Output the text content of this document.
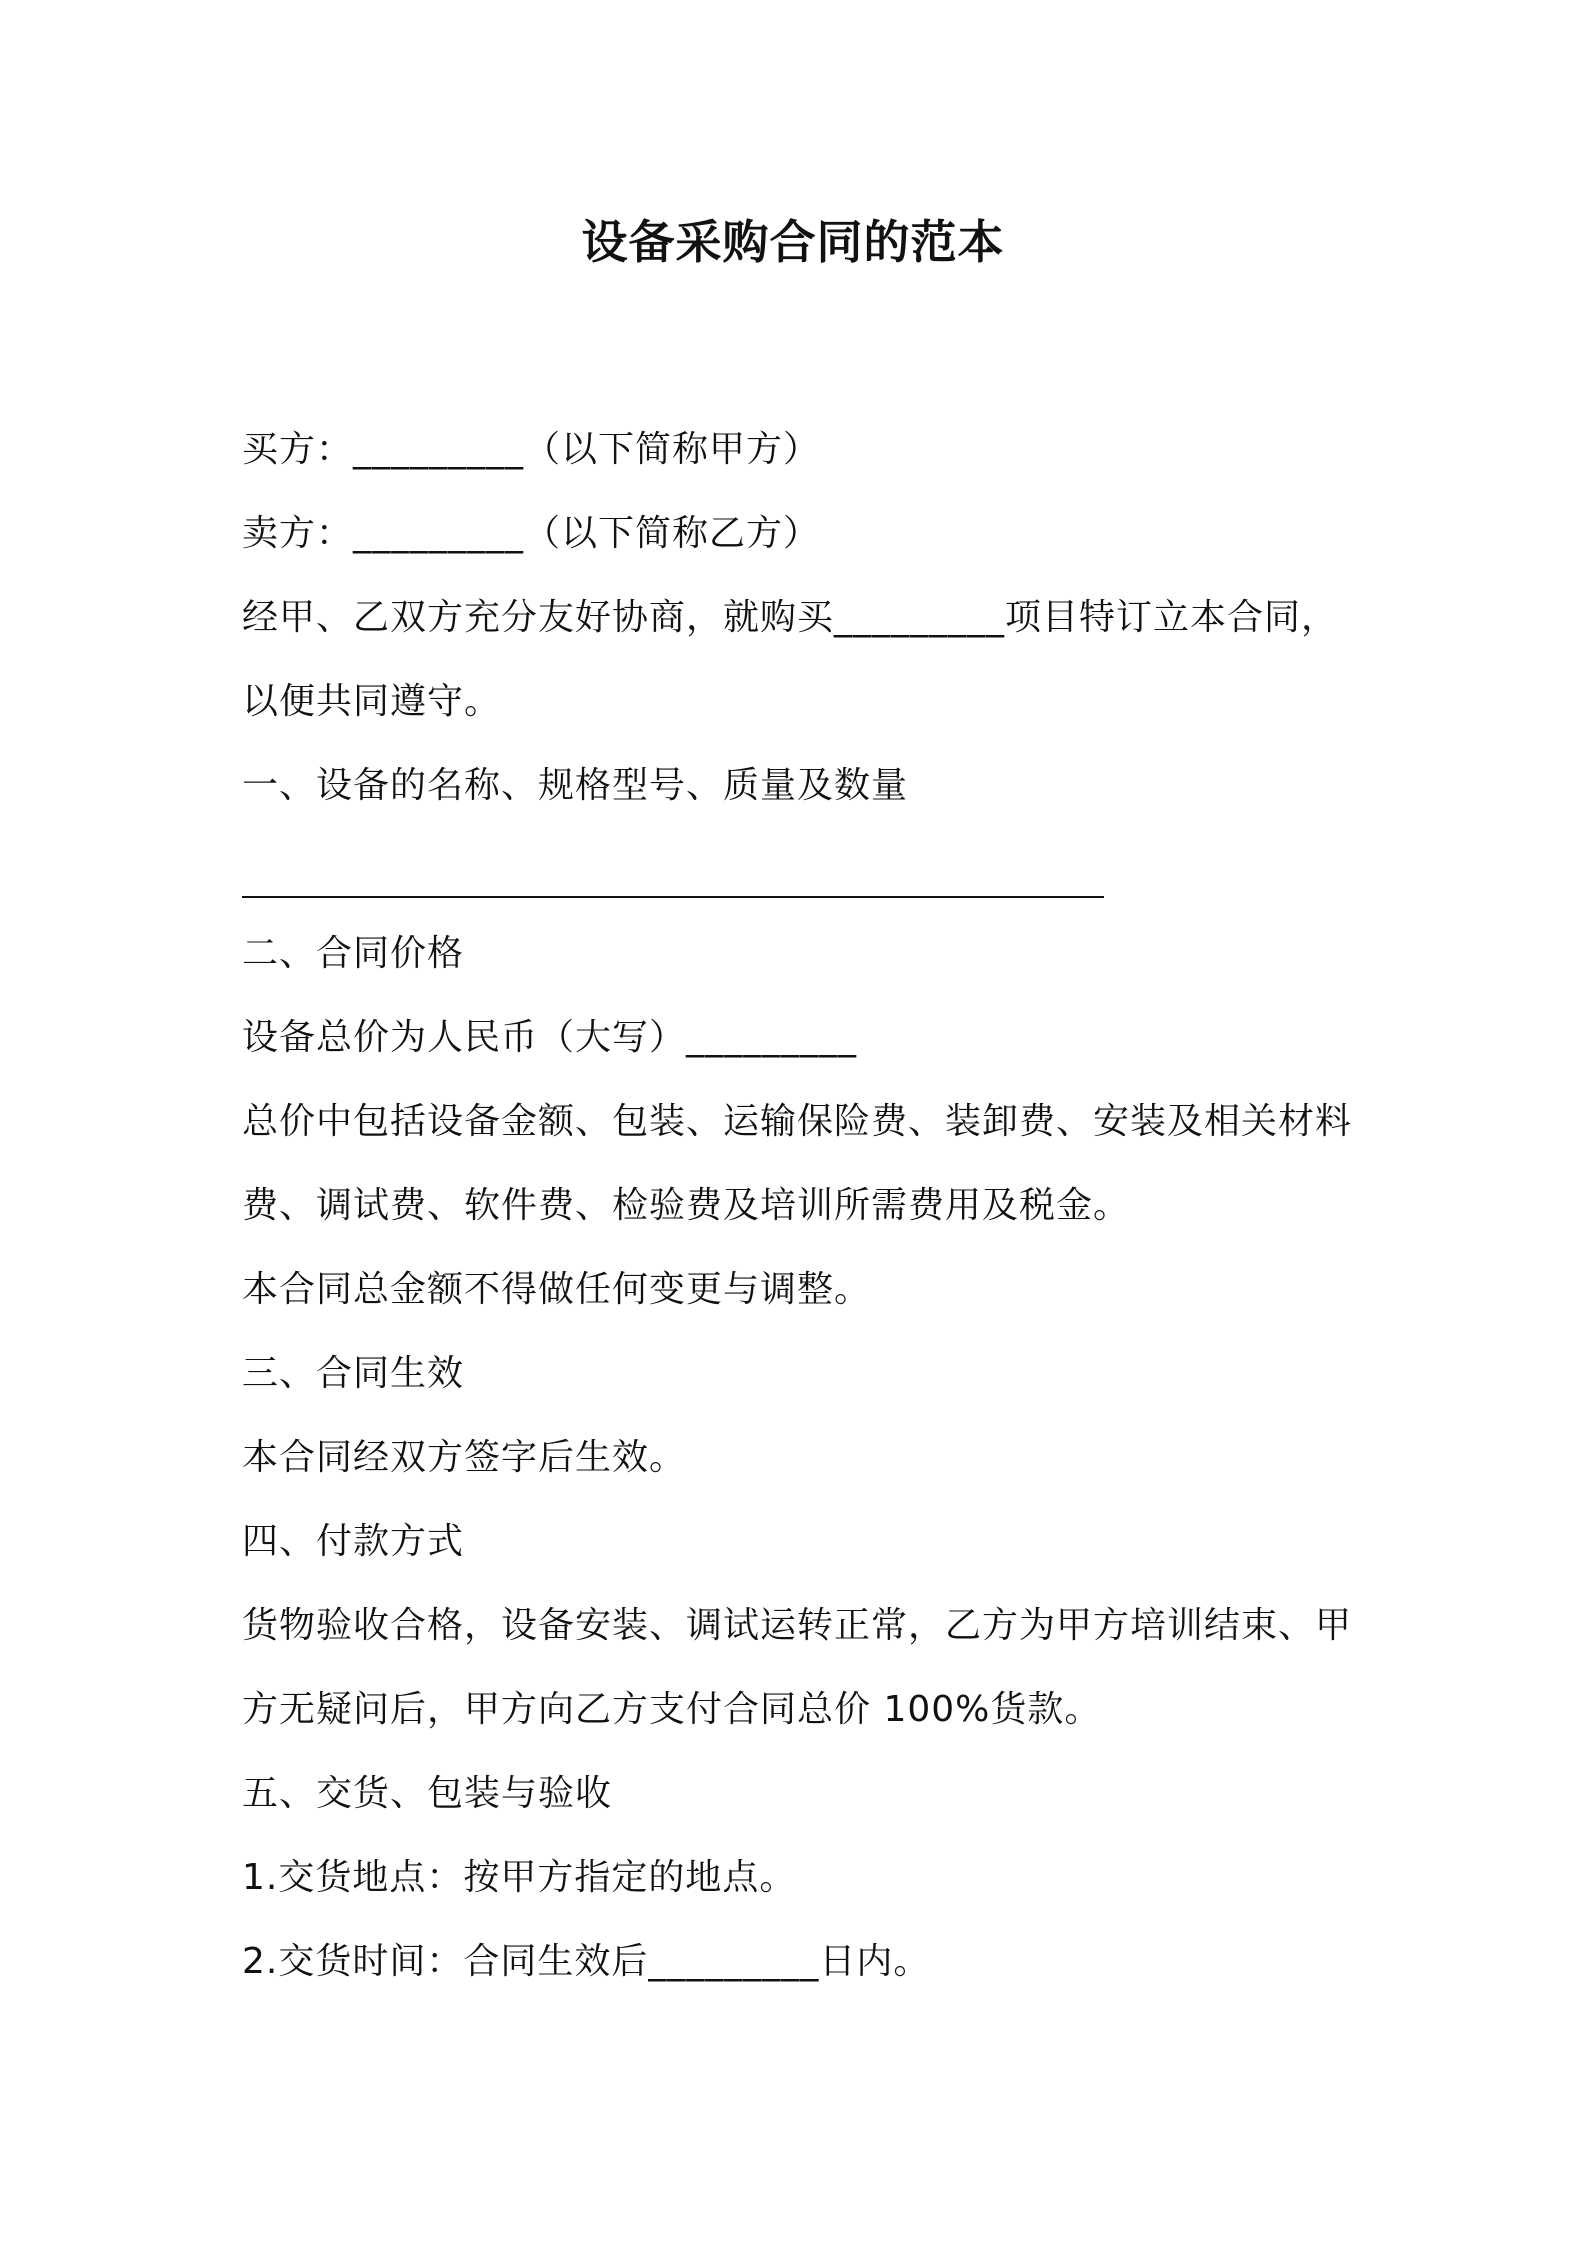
设备采购合同的范本
买方：_________（以下简称甲方）
卖方：_________（以下简称乙方）
经甲、乙双方充分友好协商，就购买_________项目特订立本合同，
以便共同遵守。
一、设备的名称、规格型号、质量及数量
二、合同价格
设备总价为人民币（大写）_________
总价中包括设备金额、包装、运输保险费、装卸费、安装及相关材料
费、调试费、软件费、检验费及培训所需费用及税金。
本合同总金额不得做任何变更与调整。
三、合同生效
本合同经双方签字后生效。
四、付款方式
货物验收合格，设备安装、调试运转正常，乙方为甲方培训结束、甲
方无疑问后，甲方向乙方支付合同总价 100%货款。
五、交货、包装与验收
1.交货地点：按甲方指定的地点。
2.交货时间：合同生效后_________日内。
